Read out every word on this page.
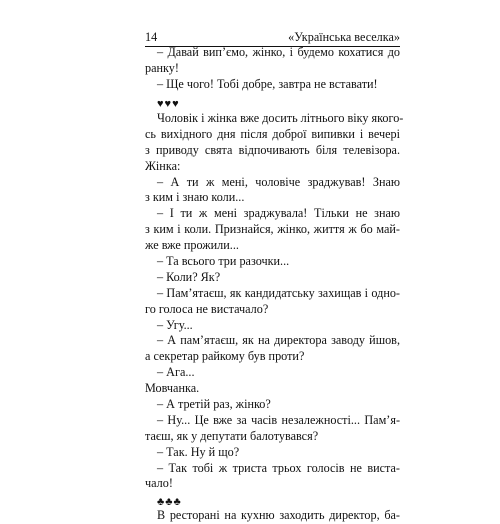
14	«Українська веселка»
– Давай вип’ємо, жінко, і будемо кохатися до
ранку!
– Ще чого! Тобі добре, завтра не вставати!
♥♥♥
Чоловік і жінка вже досить літнього віку якого-
сь вихідного дня після доброї випивки і вечері
з приводу свята відпочивають біля телевізора.
Жінка:
– А ти ж мені, чоловіче зраджував! Знаю
з ким і знаю коли...
– І ти ж мені зраджувала! Тільки не знаю
з ким і коли. Признайся, жінко, життя ж бо май-
же вже прожили...
– Та всього три разочки...
– Коли? Як?
– Пам’ятаєш, як кандидатську захищав і одно-
го голоса не вистачало?
– Угу...
– А пам’ятаєш, як на директора заводу йшов,
а секретар райкому був проти?
– Ага...
Мовчанка.
– А третій раз, жінко?
– Ну... Це вже за часів незалежності... Пам’я-
таєш, як у депутати балотувався?
– Так. Ну й що?
– Так тобі ж триста трьох голосів не виста-
чало!
♣♣♣
В ресторані на кухню заходить директор, ба-
